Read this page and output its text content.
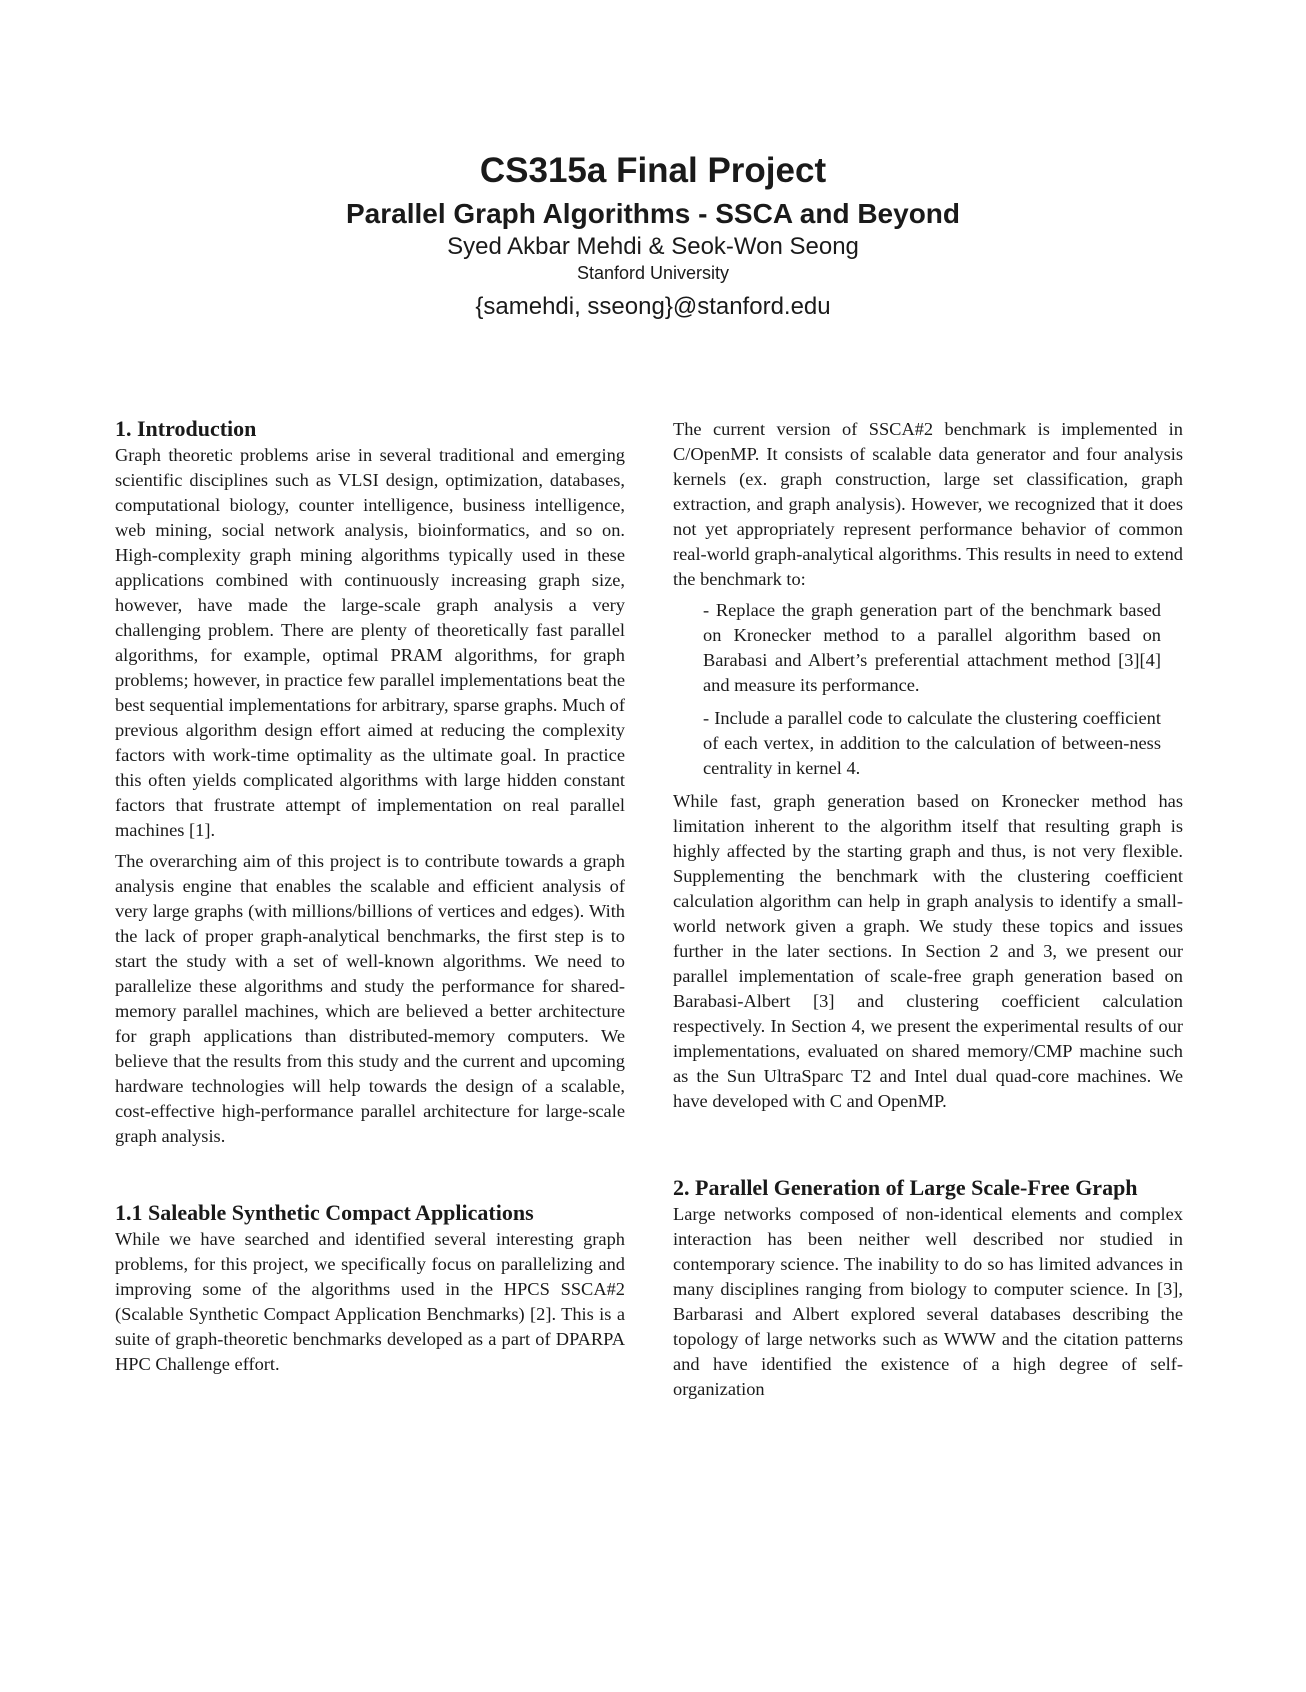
CS315a Final Project
Parallel Graph Algorithms - SSCA and Beyond
Syed Akbar Mehdi & Seok-Won Seong
Stanford University
{samehdi, sseong}@stanford.edu
1. Introduction

Graph theoretic problems arise in several traditional and emerging scientific disciplines such as VLSI design, optimization, databases, computational biology, counter intelligence, business intelligence, web mining, social network analysis, bioinformatics, and so on. High-complexity graph mining algorithms typically used in these applications combined with continuously increasing graph size, however, have made the large-scale graph analysis a very challenging problem. There are plenty of theoretically fast parallel algorithms, for example, optimal PRAM algorithms, for graph problems; however, in practice few parallel implementations beat the best sequential implementations for arbitrary, sparse graphs. Much of previous algorithm design effort aimed at reducing the complexity factors with work-time optimality as the ultimate goal. In practice this often yields complicated algorithms with large hidden constant factors that frustrate attempt of implementation on real parallel machines [1].

The overarching aim of this project is to contribute towards a graph analysis engine that enables the scalable and efficient analysis of very large graphs (with millions/billions of vertices and edges). With the lack of proper graph-analytical benchmarks, the first step is to start the study with a set of well-known algorithms. We need to parallelize these algorithms and study the performance for shared-memory parallel machines, which are believed a better architecture for graph applications than distributed-memory computers. We believe that the results from this study and the current and upcoming hardware technologies will help towards the design of a scalable, cost-effective high-performance parallel architecture for large-scale graph analysis.

1.1 Saleable Synthetic Compact Applications

While we have searched and identified several interesting graph problems, for this project, we specifically focus on parallelizing and improving some of the algorithms used in the HPCS SSCA#2 (Scalable Synthetic Compact Application Benchmarks) [2]. This is a suite of graph-theoretic benchmarks developed as a part of DPARPA HPC Challenge effort.

The current version of SSCA#2 benchmark is implemented in C/OpenMP. It consists of scalable data generator and four analysis kernels (ex. graph construction, large set classification, graph extraction, and graph analysis). However, we recognized that it does not yet appropriately represent performance behavior of common real-world graph-analytical algorithms. This results in need to extend the benchmark to:

- Replace the graph generation part of the benchmark based on Kronecker method to a parallel algorithm based on Barabasi and Albert’s preferential attachment method [3][4] and measure its performance.

- Include a parallel code to calculate the clustering coefficient of each vertex, in addition to the calculation of between-ness centrality in kernel 4.

While fast, graph generation based on Kronecker method has limitation inherent to the algorithm itself that resulting graph is highly affected by the starting graph and thus, is not very flexible. Supplementing the benchmark with the clustering coefficient calculation algorithm can help in graph analysis to identify a small-world network given a graph. We study these topics and issues further in the later sections. In Section 2 and 3, we present our parallel implementation of scale-free graph generation based on Barabasi-Albert [3] and clustering coefficient calculation respectively. In Section 4, we present the experimental results of our implementations, evaluated on shared memory/CMP machine such as the Sun UltraSparc T2 and Intel dual quad-core machines. We have developed with C and OpenMP.

2. Parallel Generation of Large Scale-Free Graph

Large networks composed of non-identical elements and complex interaction has been neither well described nor studied in contemporary science. The inability to do so has limited advances in many disciplines ranging from biology to computer science. In [3], Barbarasi and Albert explored several databases describing the topology of large networks such as WWW and the citation patterns and have identified the existence of a high degree of self-organization
